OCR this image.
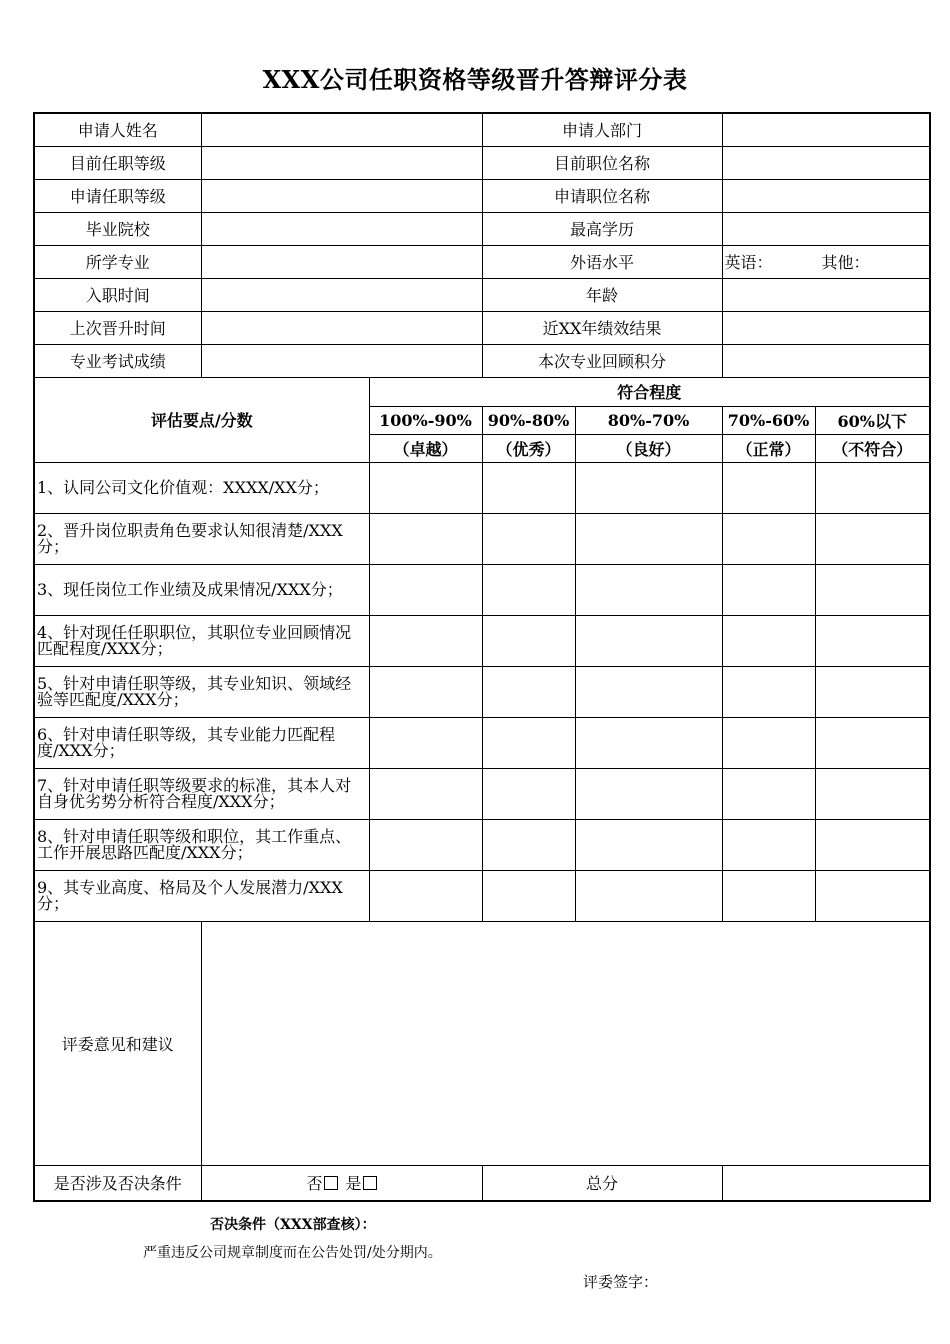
XXX公司任职资格等级晋升答辩评分表
申请人姓名			申请人部门			
目前任职等级			目前职位名称			
申请任职等级			申请职位名称			
毕业院校			最高学历			
所学专业			外语水平		英语： 其他：	
入职时间			年龄			
上次晋升时间			近XX年绩效结果			
专业考试成绩			本次专业回顾积分			
评估要点/分数		符合程度				
		100%-90%	90%-80%	80%-70%	70%-60%	60%以下
		（卓越）	（优秀）	（良好）	（正常）	（不符合）
1、认同公司文化价值观：XXXX/XX分；						
2、晋升岗位职责角色要求认知很清楚/XXX分；						
3、现任岗位工作业绩及成果情况/XXX分；						
4、针对现任任职职位，其职位专业回顾情况匹配程度/XXX分；						
5、针对申请任职等级，其专业知识、领域经验等匹配度/XXX分；						
6、针对申请任职等级，其专业能力匹配程度/XXX分；						
7、针对申请任职等级要求的标准，其本人对自身优劣势分析符合程度/XXX分；						
8、针对申请任职等级和职位，其工作重点、工作开展思路匹配度/XXX分；						
9、其专业高度、格局及个人发展潜力/XXX分；						
评委意见和建议						
是否涉及否决条件	否 是		总分			
否决条件（XXX部查核）：
严重违反公司规章制度而在公告处罚/处分期内。
评委签字：
